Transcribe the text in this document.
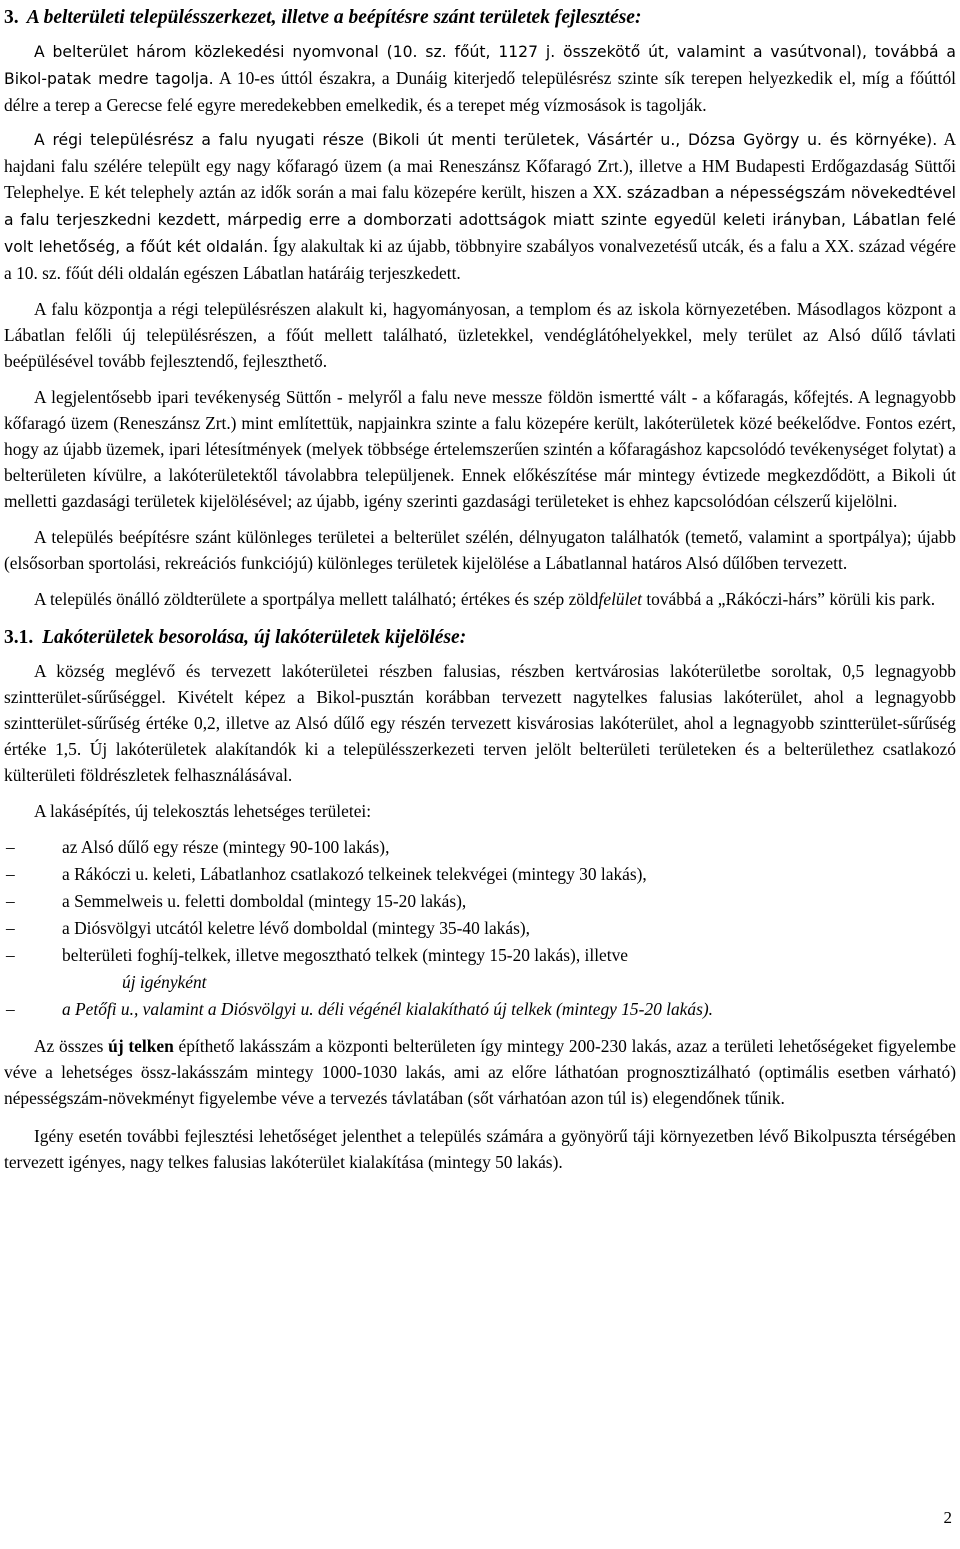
3. A belterületi településszerkezet, illetve a beépítésre szánt területek fejlesztése:

A belterület három közlekedési nyomvonal (10. sz. főút, 1127 j. összekötő út, valamint a vasútvonal), továbbá a Bikol-patak medre tagolja. A 10-es úttól északra, a Dunáig kiterjedő településrész szinte sík terepen helyezkedik el, míg a főúttól délre a terep a Gerecse felé egyre meredekebben emelkedik, és a terepet még vízmosások is tagolják.

A régi településrész a falu nyugati része (Bikoli út menti területek, Vásártér u., Dózsa György u. és környéke). A hajdani falu szélére települt egy nagy kőfaragó üzem (a mai Reneszánsz Kőfaragó Zrt.), illetve a HM Budapesti Erdőgazdaság Süttői Telephelye. E két telephely aztán az idők során a mai falu közepére került, hiszen a XX. században a népességszám növekedtével a falu terjeszkedni kezdett, márpedig erre a domborzati adottságok miatt szinte egyedül keleti irányban, Lábatlan felé volt lehetőség, a főút két oldalán. Így alakultak ki az újabb, többnyire szabályos vonalvezetésű utcák, és a falu a XX. század végére a 10. sz. főút déli oldalán egészen Lábatlan határáig terjeszkedett.

A falu központja a régi településrészen alakult ki, hagyományosan, a templom és az iskola környezetében. Másodlagos központ a Lábatlan felőli új településrészen, a főút mellett található, üzletekkel, vendéglátóhelyekkel, mely terület az Alsó dűlő távlati beépülésével tovább fejlesztendő, fejleszthető.

A legjelentősebb ipari tevékenység Süttőn - melyről a falu neve messze földön ismertté vált - a kőfaragás, kőfejtés. A legnagyobb kőfaragó üzem (Reneszánsz Zrt.) mint említettük, napjainkra szinte a falu közepére került, lakóterületek közé beékelődve. Fontos ezért, hogy az újabb üzemek, ipari létesítmények (melyek többsége értelemszerűen szintén a kőfaragáshoz kapcsolódó tevékenységet folytat) a belterületen kívülre, a lakóterületektől távolabbra települjenek. Ennek előkészítése már mintegy évtizede megkezdődött, a Bikoli út melletti gazdasági területek kijelölésével; az újabb, igény szerinti gazdasági területeket is ehhez kapcsolódóan célszerű kijelölni.

A település beépítésre szánt különleges területei a belterület szélén, délnyugaton találhatók (temető, valamint a sportpálya); újabb (elsősorban sportolási, rekreációs funkciójú) különleges területek kijelölése a Lábatlannal határos Alsó dűlőben tervezett.

A település önálló zöldterülete a sportpálya mellett található; értékes és szép zöldfelület továbbá a „Rákóczi-hárs” körüli kis park.

3.1. Lakóterületek besorolása, új lakóterületek kijelölése:

A község meglévő és tervezett lakóterületei részben falusias, részben kertvárosias lakóterületbe soroltak, 0,5 legnagyobb szintterület-sűrűséggel. Kivételt képez a Bikol-pusztán korábban tervezett nagytelkes falusias lakóterület, ahol a legnagyobb szintterület-sűrűség értéke 0,2, illetve az Alsó dűlő egy részén tervezett kisvárosias lakóterület, ahol a legnagyobb szintterület-sűrűség értéke 1,5. Új lakóterületek alakítandók ki a településszerkezeti terven jelölt belterületi területeken és a belterülethez csatlakozó külterületi földrészletek felhasználásával.

A lakásépítés, új telekosztás lehetséges területei:

–	az Alsó dűlő egy része (mintegy 90-100 lakás),
–	a Rákóczi u. keleti, Lábatlanhoz csatlakozó telkeinek telekvégei (mintegy 30 lakás),
–	a Semmelweis u. feletti domboldal (mintegy 15-20 lakás),
–	a Diósvölgyi utcától keletre lévő domboldal (mintegy 35-40 lakás),
–	belterületi foghíj-telkek, illetve megosztható telkek (mintegy 15-20 lakás), illetve
új igényként
–	a Petőfi u., valamint a Diósvölgyi u. déli végénél kialakítható új telkek (mintegy 15-20 lakás).

Az összes új telken építhető lakásszám a központi belterületen így mintegy 200-230 lakás, azaz a területi lehetőségeket figyelembe véve a lehetséges össz-lakásszám mintegy 1000-1030 lakás, ami az előre láthatóan prognosztizálható (optimális esetben várható) népességszám-növekményt figyelembe véve a tervezés távlatában (sőt várhatóan azon túl is) elegendőnek tűnik.

Igény esetén további fejlesztési lehetőséget jelenthet a település számára a gyönyörű táji környezetben lévő Bikolpuszta térségében tervezett igényes, nagy telkes falusias lakóterület kialakítása (mintegy 50 lakás).

2
